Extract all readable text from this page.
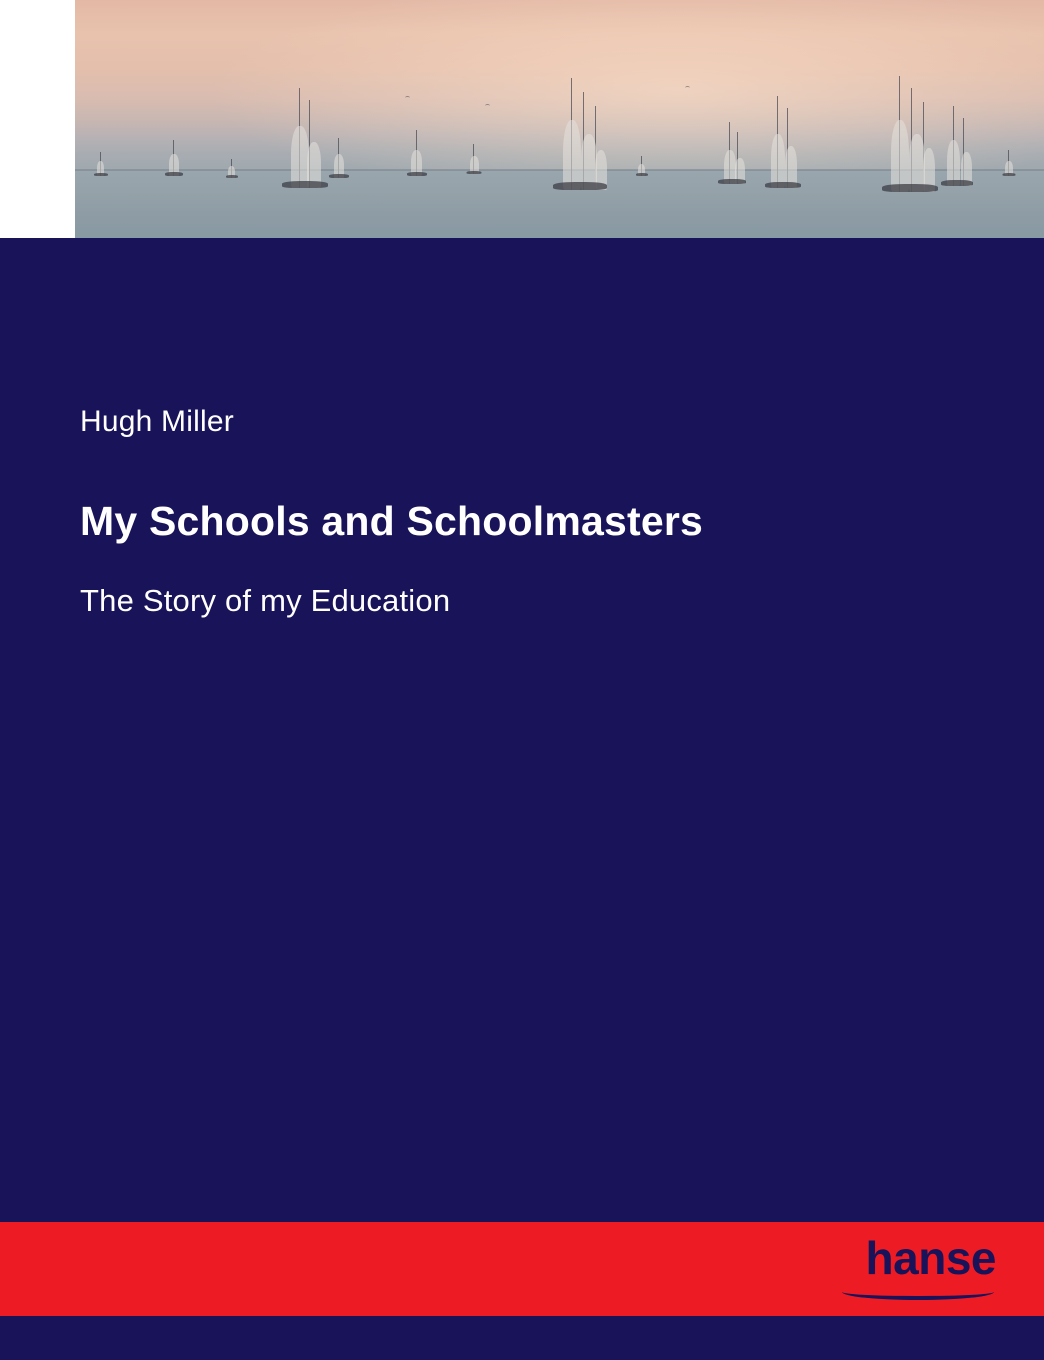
Hugh Miller
My Schools and Schoolmasters
The Story of my Education
hanse
